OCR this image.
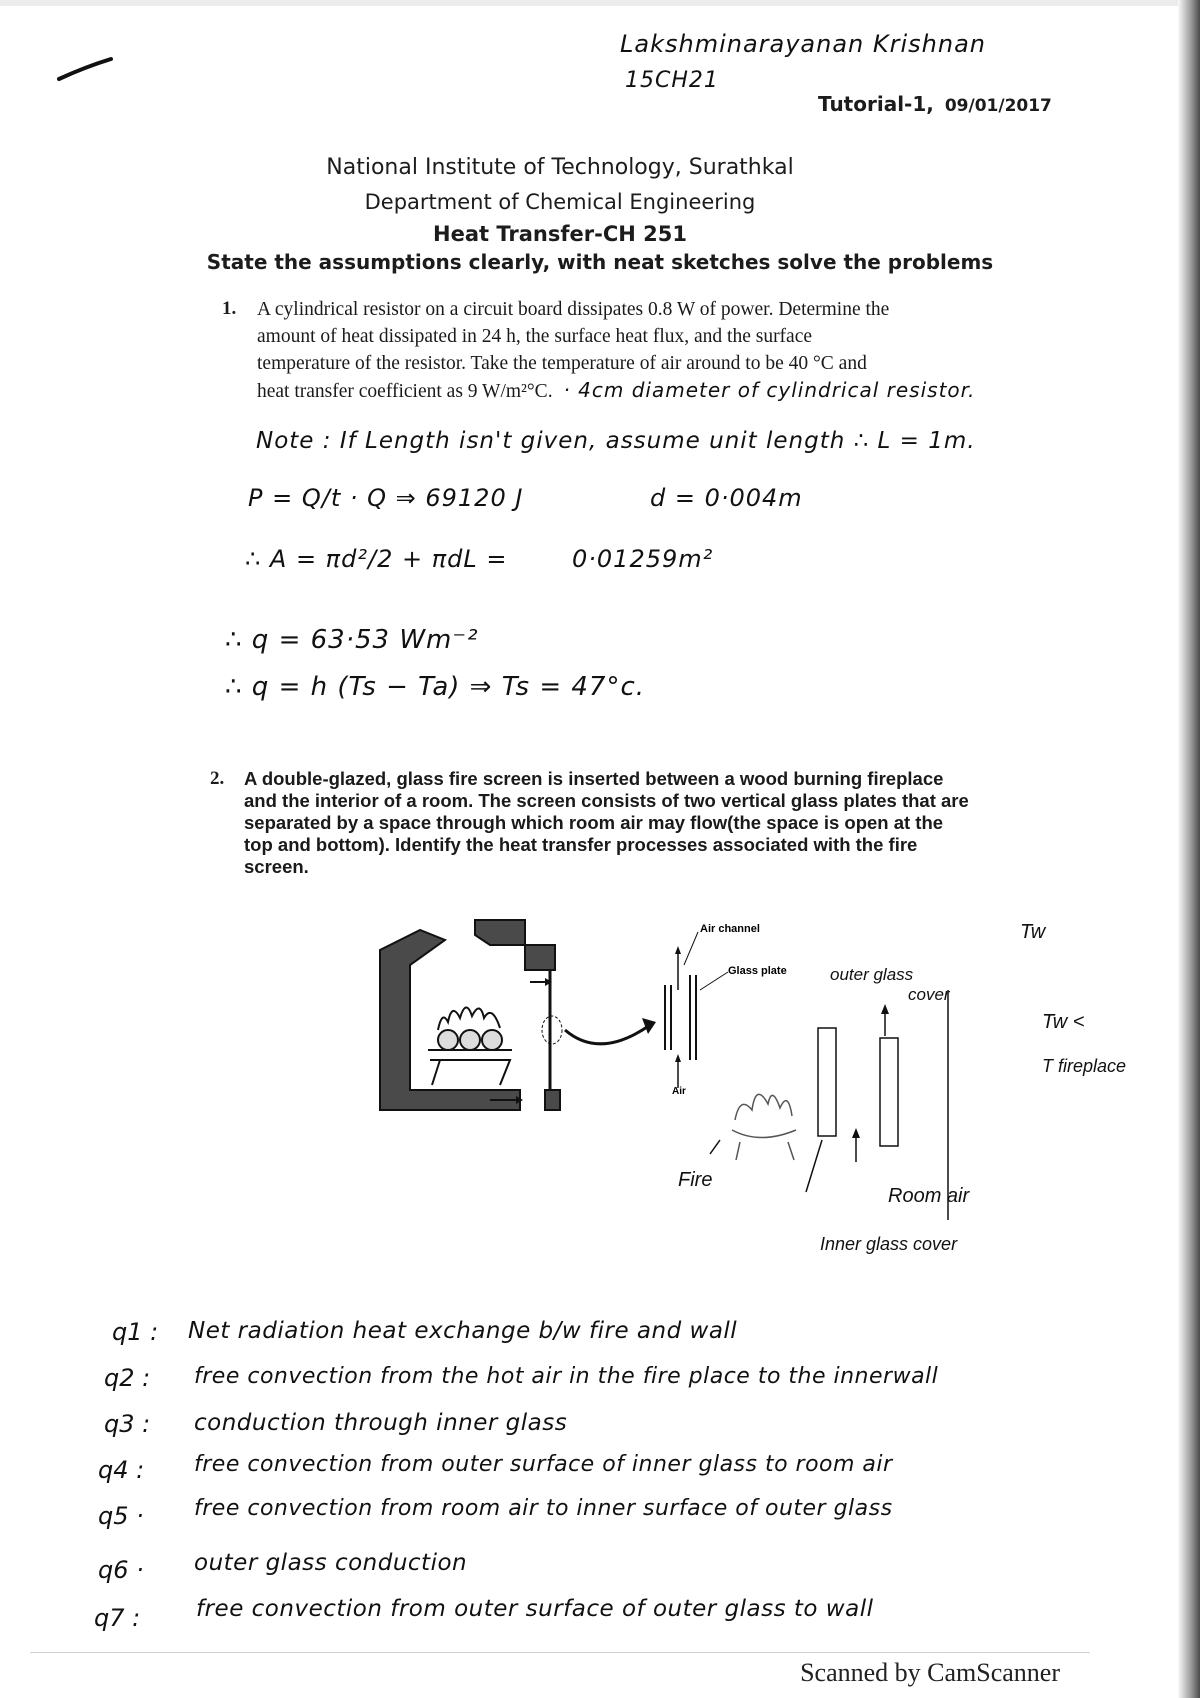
Lakshminarayanan Krishnan
15CH21
Tutorial-1, 09/01/2017
National Institute of Technology, Surathkal
Department of Chemical Engineering
Heat Transfer-CH 251
State the assumptions clearly, with neat sketches solve the problems
1. A cylindrical resistor on a circuit board dissipates 0.8 W of power. Determine the
amount of heat dissipated in 24 h, the surface heat flux, and the surface
temperature of the resistor. Take the temperature of air around to be 40 °C and
heat transfer coefficient as 9 W/m²°C. · 4cm diameter of cylindrical resistor.
Note : If Length isn't given, assume unit length ∴ L = 1m.
P = Q/t · Q ⇒ 69120 J	d = 0·004m
∴ A = πd²/2 + πdL =	0·01259m²
∴ q = 63·53 Wm⁻²
∴ q = h (Ts − Ta) ⇒ Ts = 47°c.
2. A double-glazed, glass fire screen is inserted between a wood burning fireplace
and the interior of a room. The screen consists of two vertical glass plates that are
separated by a space through which room air may flow(the space is open at the
top and bottom). Identify the heat transfer processes associated with the fire
screen.
Air channel
Glass plate
Air
Fire
Tw
outer glass
cover
Tw <
T fireplace
Room air
Inner glass cover
q1 : Net radiation heat exchange b/w fire and wall
q2 : free convection from the hot air in the fire place to the innerwall
q3 : conduction through inner glass
q4 : free convection from outer surface of inner glass to room air
q5 · free convection from room air to inner surface of outer glass
q6 · outer glass conduction
q7 : free convection from outer surface of outer glass to wall
Scanned by CamScanner
